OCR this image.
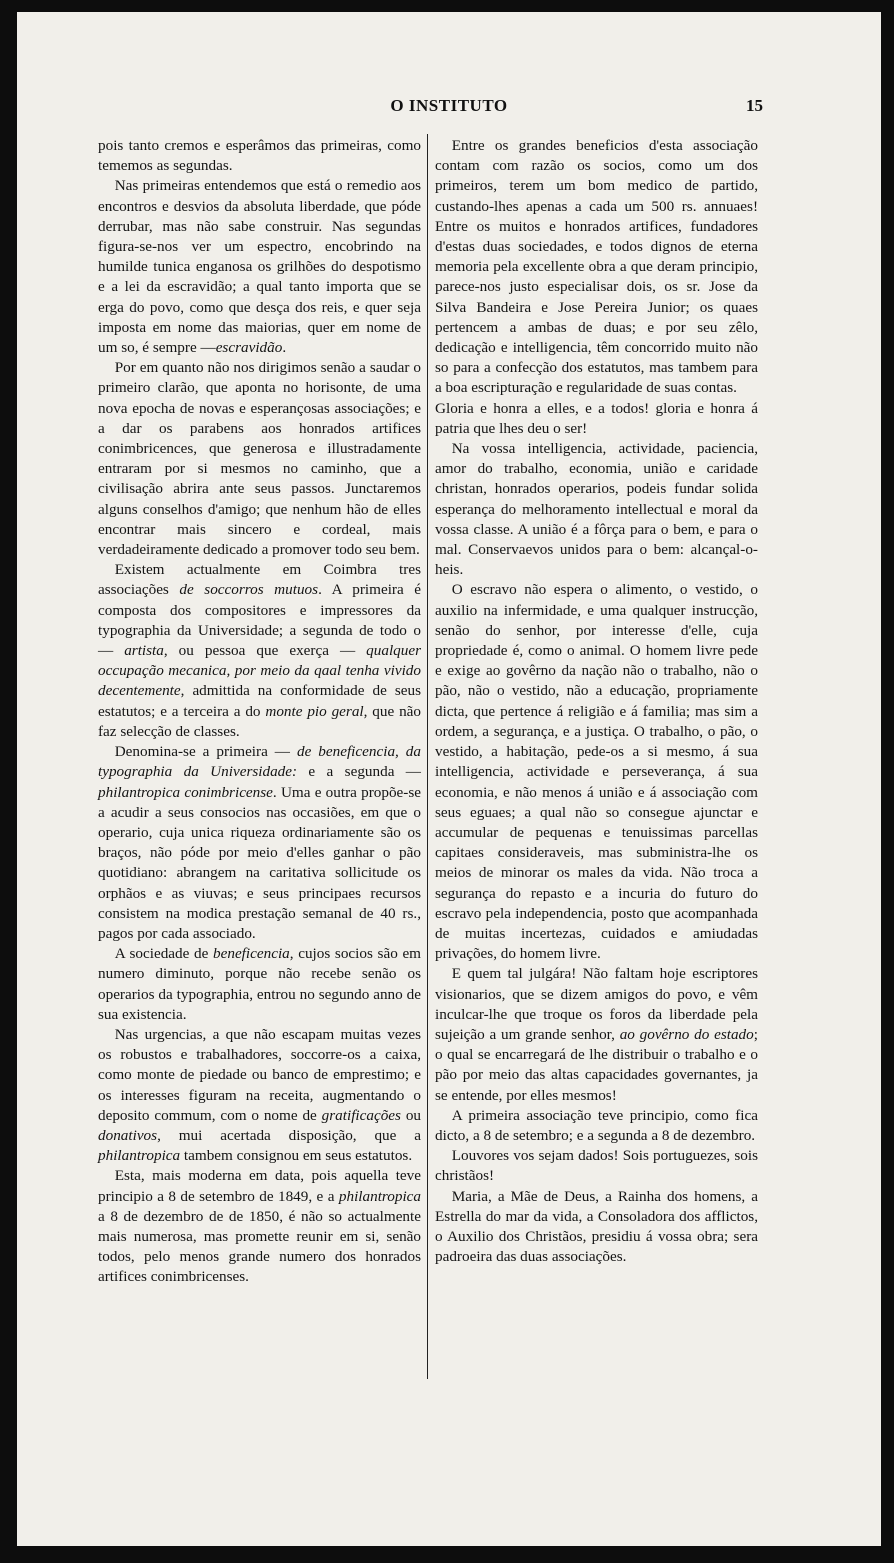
O INSTITUTO	15

pois tanto cremos e esperâmos das primeiras, como tememos as segundas.

Nas primeiras entendemos que está o remedio aos encontros e desvios da absoluta liberdade, que póde derrubar, mas não sabe construir. Nas segundas figura-se-nos ver um espectro, encobrindo na humilde tunica enganosa os grilhões do despotismo e a lei da escravidão; a qual tanto importa que se erga do povo, como que desça dos reis, e quer seja imposta em nome das maiorias, quer em nome de um so, é sempre —escravidão.

Por em quanto não nos dirigimos senão a saudar o primeiro clarão, que aponta no horisonte, de uma nova epocha de novas e esperançosas associações; e a dar os parabens aos honrados artifices conimbricences, que generosa e illustradamente entraram por si mesmos no caminho, que a civilisação abrira ante seus passos. Junctaremos alguns conselhos d'amigo; que nenhum hão de elles encontrar mais sincero e cordeal, mais verdadeiramente dedicado a promover todo seu bem.

Existem actualmente em Coimbra tres associações de soccorros mutuos. A primeira é composta dos compositores e impressores da typographia da Universidade; a segunda de todo o — artista, ou pessoa que exerça — qualquer occupação mecanica, por meio da qaal tenha vivido decentemente, admittida na conformidade de seus estatutos; e a terceira a do monte pio geral, que não faz selecção de classes.

Denomina-se a primeira — de beneficencia, da typographia da Universidade: e a segunda — philantropica conimbricense. Uma e outra propõe-se a acudir a seus consocios nas occasiões, em que o operario, cuja unica riqueza ordinariamente são os braços, não póde por meio d'elles ganhar o pão quotidiano: abrangem na caritativa sollicitude os orphãos e as viuvas; e seus principaes recursos consistem na modica prestação semanal de 40 rs., pagos por cada associado.

A sociedade de beneficencia, cujos socios são em numero diminuto, porque não recebe senão os operarios da typographia, entrou no segundo anno de sua existencia.

Nas urgencias, a que não escapam muitas vezes os robustos e trabalhadores, soccorre-os a caixa, como monte de piedade ou banco de emprestimo; e os interesses figuram na receita, augmentando o deposito commum, com o nome de gratificações ou donativos, mui acertada disposição, que a philantropica tambem consignou em seus estatutos.

Esta, mais moderna em data, pois aquella teve principio a 8 de setembro de 1849, e a philantropica a 8 de dezembro de de 1850, é não so actualmente mais numerosa, mas promette reunir em si, senão todos, pelo menos grande numero dos honrados artifices conimbricenses.

Entre os grandes beneficios d'esta associação contam com razão os socios, como um dos primeiros, terem um bom medico de partido, custando-lhes apenas a cada um 500 rs. annuaes! Entre os muitos e honrados artifices, fundadores d'estas duas sociedades, e todos dignos de eterna memoria pela excellente obra a que deram principio, parece-nos justo especialisar dois, os sr. Jose da Silva Bandeira e Jose Pereira Junior; os quaes pertencem a ambas de duas; e por seu zêlo, dedicação e intelligencia, têm concorrido muito não so para a confecção dos estatutos, mas tambem para a boa escripturação e regularidade de suas contas.

Gloria e honra a elles, e a todos! gloria e honra á patria que lhes deu o ser!

Na vossa intelligencia, actividade, paciencia, amor do trabalho, economia, união e caridade christan, honrados operarios, podeis fundar solida esperança do melhoramento intellectual e moral da vossa classe. A união é a fôrça para o bem, e para o mal. Conservaevos unidos para o bem: alcançal-o-heis.

O escravo não espera o alimento, o vestido, o auxilio na infermidade, e uma qualquer instrucção, senão do senhor, por interesse d'elle, cuja propriedade é, como o animal. O homem livre pede e exige ao govêrno da nação não o trabalho, não o pão, não o vestido, não a educação, propriamente dicta, que pertence á religião e á familia; mas sim a ordem, a segurança, e a justiça. O trabalho, o pão, o vestido, a habitação, pede-os a si mesmo, á sua intelligencia, actividade e perseverança, á sua economia, e não menos á união e á associação com seus eguaes; a qual não so consegue ajunctar e accumular de pequenas e tenuissimas parcellas capitaes consideraveis, mas subministra-lhe os meios de minorar os males da vida. Não troca a segurança do repasto e a incuria do futuro do escravo pela independencia, posto que acompanhada de muitas incertezas, cuidados e amiudadas privações, do homem livre.

E quem tal julgára! Não faltam hoje escriptores visionarios, que se dizem amigos do povo, e vêm inculcar-lhe que troque os foros da liberdade pela sujeição a um grande senhor, ao govêrno do estado; o qual se encarregará de lhe distribuir o trabalho e o pão por meio das altas capacidades governantes, ja se entende, por elles mesmos!

A primeira associação teve principio, como fica dicto, a 8 de setembro; e a segunda a 8 de dezembro.

Louvores vos sejam dados! Sois portuguezes, sois christãos!

Maria, a Mãe de Deus, a Rainha dos homens, a Estrella do mar da vida, a Consoladora dos afflictos, o Auxilio dos Christãos, presidiu á vossa obra; sera padroeira das duas associações.
